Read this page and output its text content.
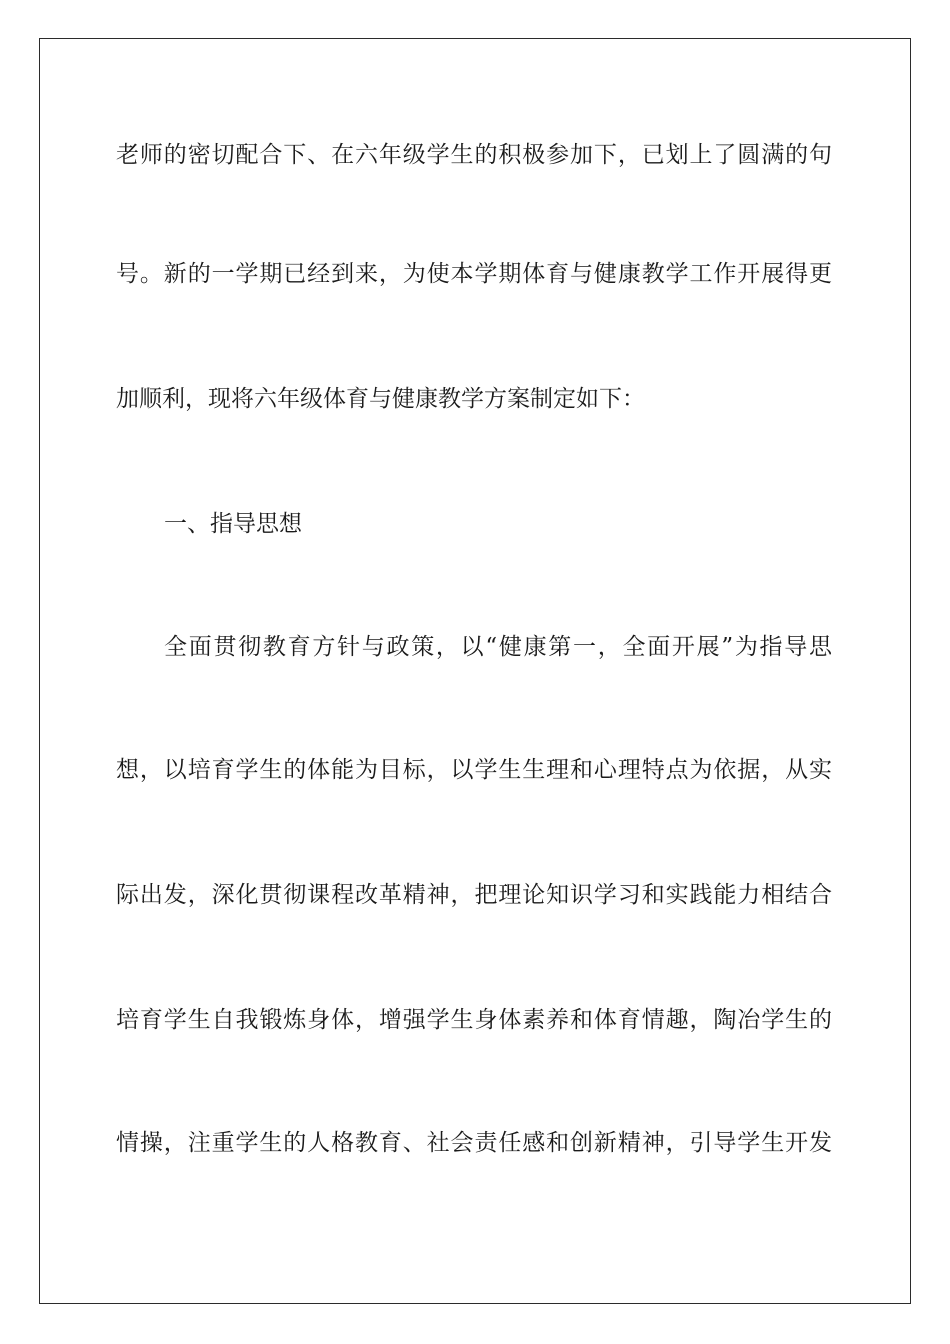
老师的密切配合下、在六年级学生的积极参加下，已划上了圆满的句
号。新的一学期已经到来，为使本学期体育与健康教学工作开展得更
加顺利，现将六年级体育与健康教学方案制定如下：
一、指导思想
全面贯彻教育方针与政策，以“健康第一，全面开展”为指导思
想，以培育学生的体能为目标，以学生生理和心理特点为依据，从实
际出发，深化贯彻课程改革精神，把理论知识学习和实践能力相结合
培育学生自我锻炼身体，增强学生身体素养和体育情趣，陶冶学生的
情操，注重学生的人格教育、社会责任感和创新精神，引导学生开发
